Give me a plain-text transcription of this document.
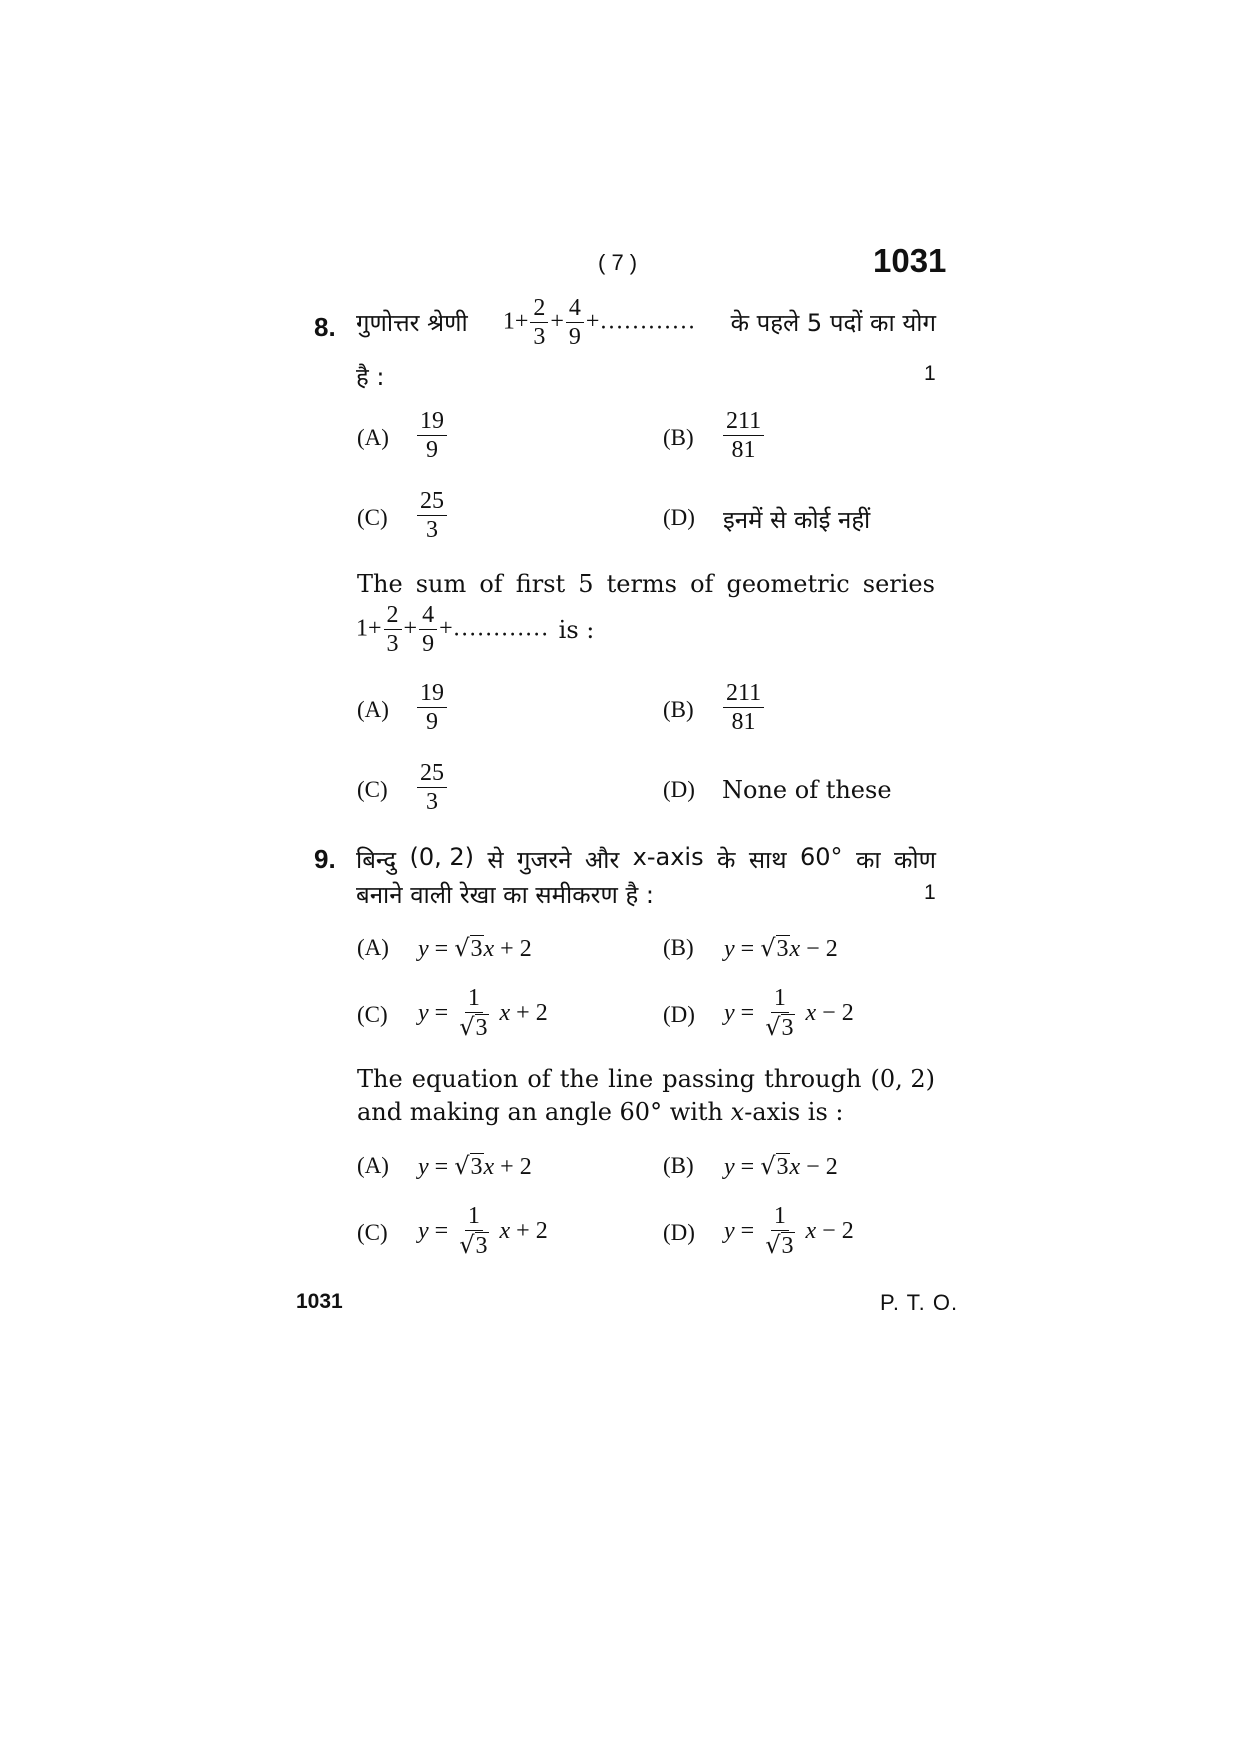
( 7 )	1031
8. गुणोत्तर श्रेणी $1+ \frac{2}{3} + \frac{4}{9}$ +………… के पहले 5 पदों का योग
है :	1
$(A) \frac{19}{9}$	$(B) \frac{211}{81}$
$(C) \frac{25}{3}$	(D) इनमें से कोई नहीं
The sum of first 5 terms of geometric series
$1+ \frac{2}{3} + \frac{4}{9}$ +………… is :
$(A) \frac{19}{9}$	$(B) \frac{211}{81}$
$(C) \frac{25}{3}$	(D) None of these
9. बिन्दु (0, 2) से गुजरने और x-axis के साथ 60° का कोण
बनाने वाली रेखा का समीकरण है :	1
(A) y = √3x + 2	(B) y = √3x − 2
(C) $y = \frac{1}{√3}$ x + 2	(D) $y = \frac{1}{√3}$ x − 2
The equation of the line passing through (0, 2)
and making an angle 60° with x-axis is :
(A) y = √3x + 2	(B) y = √3x − 2
(C) $y = \frac{1}{√3}$ x + 2	(D) $y = \frac{1}{√3}$ x − 2
1031	P. T. O.
